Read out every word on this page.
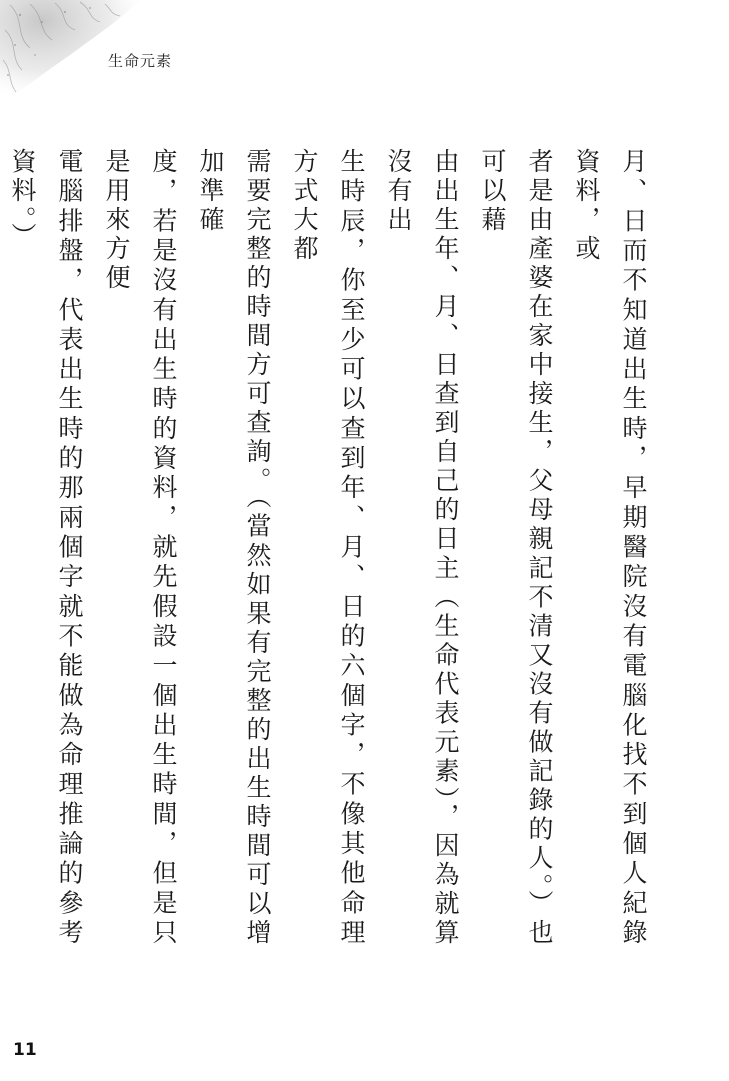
生命元素

月、日而不知道出生時，早期醫院沒有電腦化找不到個人紀錄資料，或
者是由產婆在家中接生，父母親記不清又沒有做記錄的人。）也可以藉
由出生年、月、日查到自己的日主（生命代表元素），因為就算沒有出
生時辰，你至少可以查到年、月、日的六個字，不像其他命理方式大都
需要完整的時間方可查詢。（當然如果有完整的出生時間可以增加準確
度，若是沒有出生時的資料，就先假設一個出生時間，但是只是用來方便
電腦排盤，代表出生時的那兩個字就不能做為命理推論的參考資料。）

11
